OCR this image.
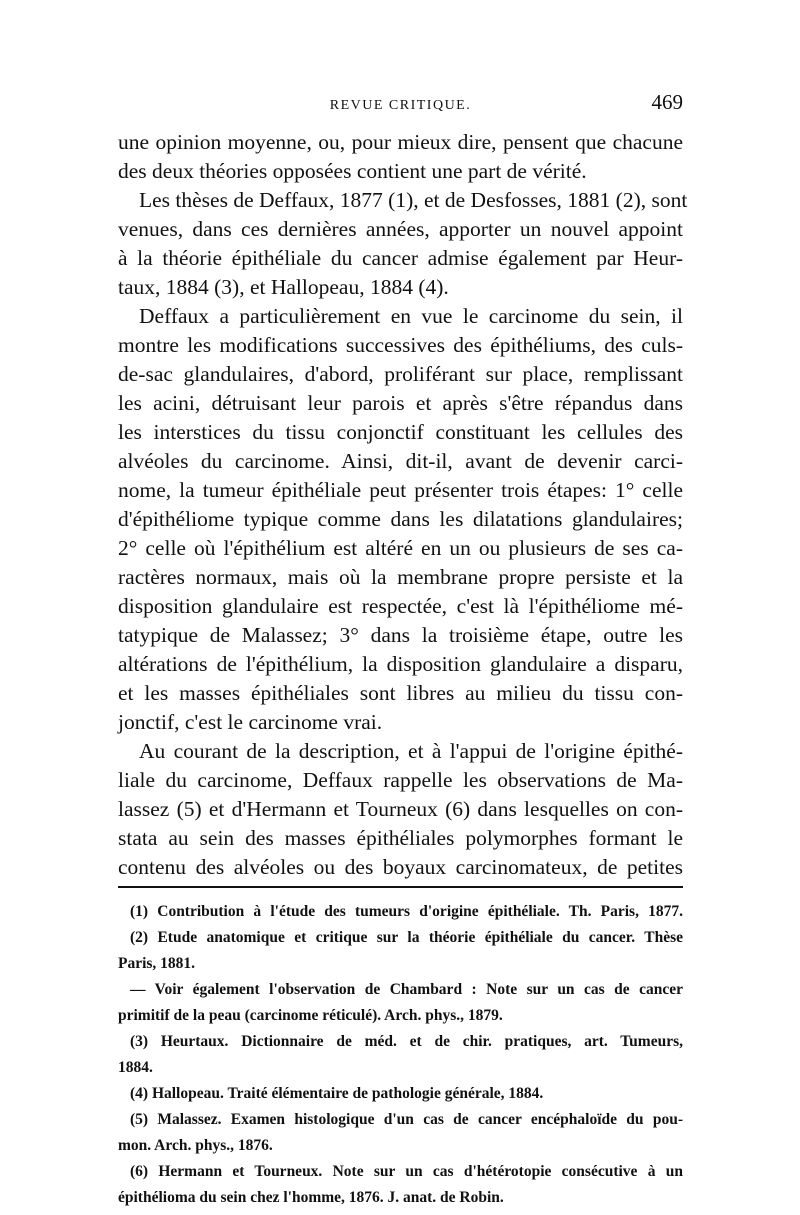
REVUE CRITIQUE.	469
une opinion moyenne, ou, pour mieux dire, pensent que chacune
des deux théories opposées contient une part de vérité.
Les thèses de Deffaux, 1877 (1), et de Desfosses, 1881 (2), sont
venues, dans ces dernières années, apporter un nouvel appoint
à la théorie épithéliale du cancer admise également par Heur-
taux, 1884 (3), et Hallopeau, 1884 (4).
Deffaux a particulièrement en vue le carcinome du sein, il
montre les modifications successives des épithéliums, des culs-
de-sac glandulaires, d'abord, proliférant sur place, remplissant
les acini, détruisant leur parois et après s'être répandus dans
les interstices du tissu conjonctif constituant les cellules des
alvéoles du carcinome. Ainsi, dit-il, avant de devenir carci-
nome, la tumeur épithéliale peut présenter trois étapes: 1° celle
d'épithéliome typique comme dans les dilatations glandulaires;
2° celle où l'épithélium est altéré en un ou plusieurs de ses ca-
ractères normaux, mais où la membrane propre persiste et la
disposition glandulaire est respectée, c'est là l'épithéliome mé-
tatypique de Malassez; 3° dans la troisième étape, outre les
altérations de l'épithélium, la disposition glandulaire a disparu,
et les masses épithéliales sont libres au milieu du tissu con-
jonctif, c'est le carcinome vrai.
Au courant de la description, et à l'appui de l'origine épithé-
liale du carcinome, Deffaux rappelle les observations de Ma-
lassez (5) et d'Hermann et Tourneux (6) dans lesquelles on con-
stata au sein des masses épithéliales polymorphes formant le
contenu des alvéoles ou des boyaux carcinomateux, de petites
(1) Contribution à l'étude des tumeurs d'origine épithéliale. Th. Paris, 1877.
(2) Etude anatomique et critique sur la théorie épithéliale du cancer. Thèse
Paris, 1881.
— Voir également l'observation de Chambard : Note sur un cas de cancer
primitif de la peau (carcinome réticulé). Arch. phys., 1879.
(3) Heurtaux. Dictionnaire de méd. et de chir. pratiques, art. Tumeurs,
1884.
(4) Hallopeau. Traité élémentaire de pathologie générale, 1884.
(5) Malassez. Examen histologique d'un cas de cancer encéphaloïde du pou-
mon. Arch. phys., 1876.
(6) Hermann et Tourneux. Note sur un cas d'hétérotopie consécutive à un
épithélioma du sein chez l'homme, 1876. J. anat. de Robin.
